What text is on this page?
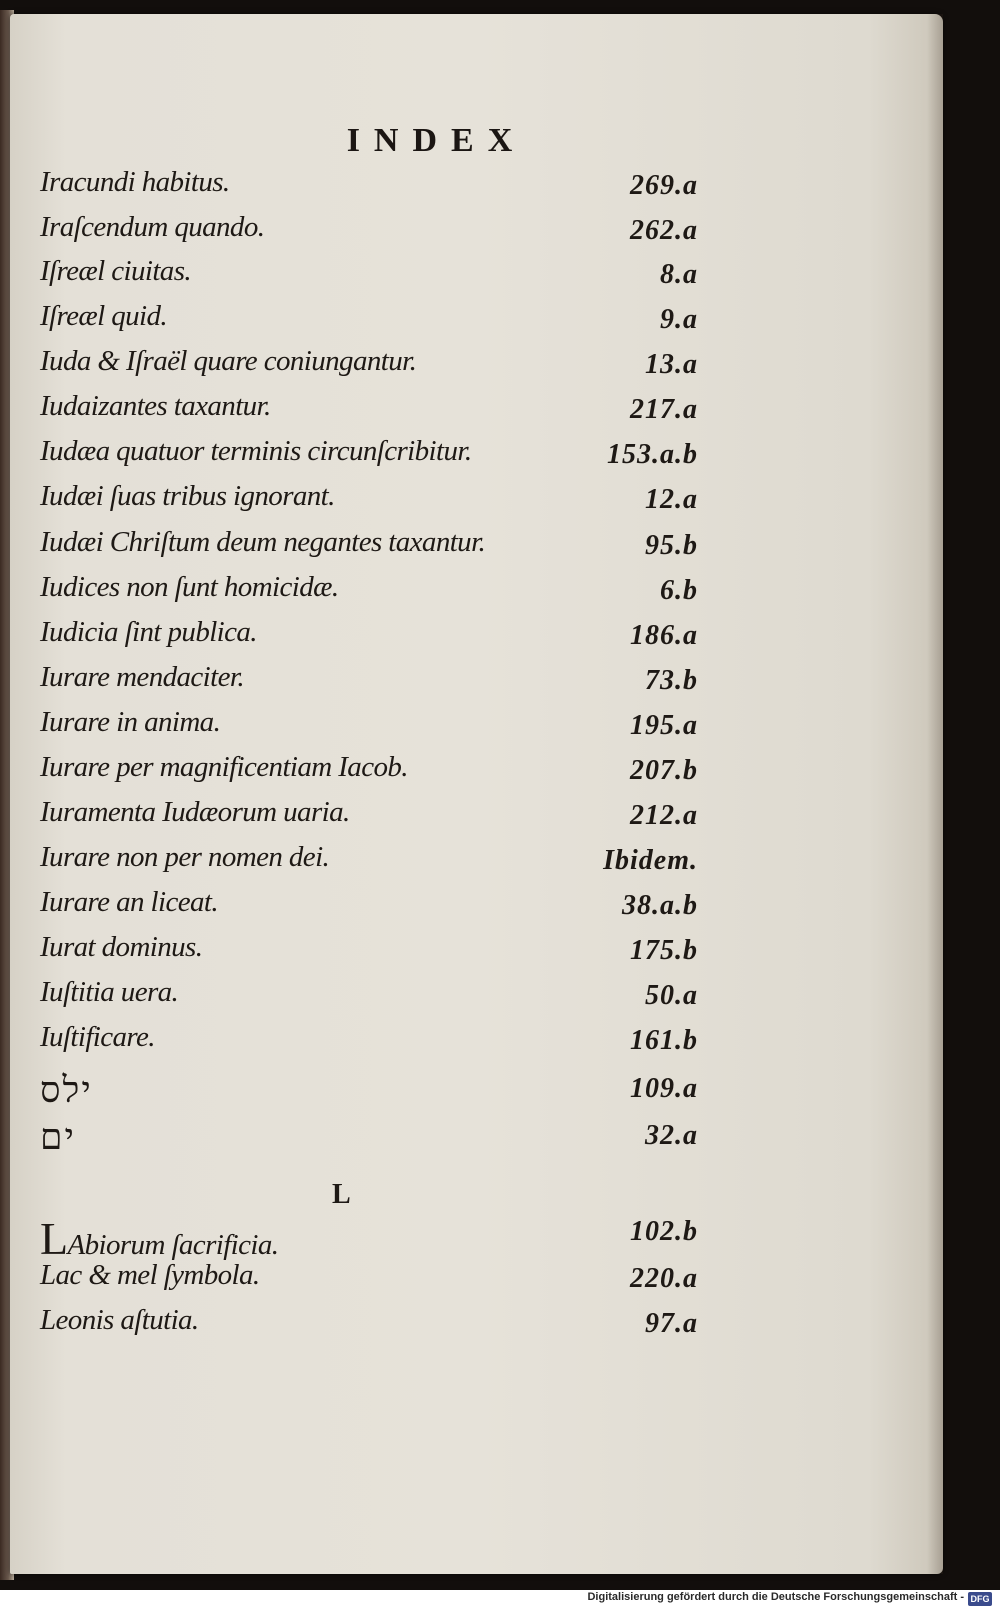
INDEX
Iracundi habitus.	269.a
Iraſcendum quando.	262.a
Iſreæl ciuitas.	8.a
Iſreæl quid.	9.a
Iuda & Iſraël quare coniungantur.	13.a
Iudaizantes taxantur.	217.a
Iudæa quatuor terminis circunſcribitur.	153.a.b
Iudæi ſuas tribus ignorant.	12.a
Iudæi Chriſtum deum negantes taxantur.	95.b
Iudices non ſunt homicidæ.	6.b
Iudicia ſint publica.	186.a
Iurare mendaciter.	73.b
Iurare in anima.	195.a
Iurare per magnificentiam Iacob.	207.b
Iuramenta Iudæorum uaria.	212.a
Iurare non per nomen dei.	Ibidem.
Iurare an liceat.	38.a.b
Iurat dominus.	175.b
Iuſtitia uera.	50.a
Iuſtificare.	161.b
ילס	109.a
ים	32.a
L
LAbiorum ſacrificia.	102.b
Lac & mel ſymbola.	220.a
Leonis aſtutia.	97.a
Digitalisierung gefördert durch die Deutsche Forschungsgemeinschaft - DFG
